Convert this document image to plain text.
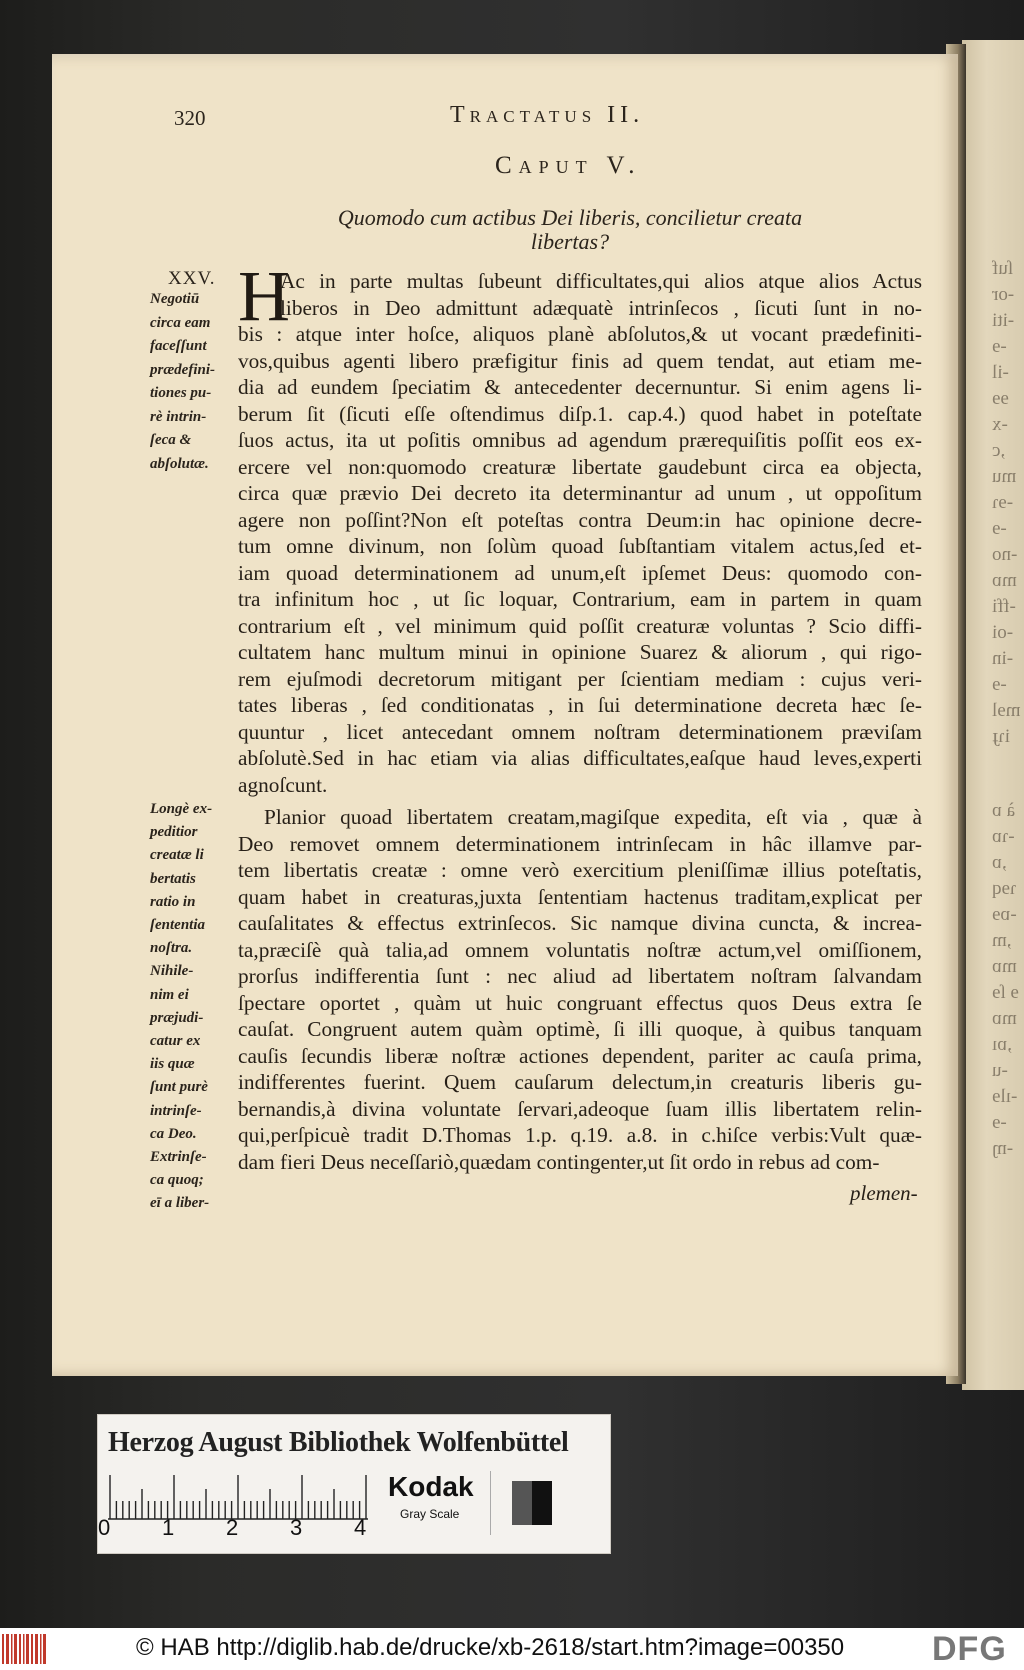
ſuf
-or
-iti
-ɘ
-il
ɘɘ
-x
,c
mu
-ɘɿ
-ɘ
-no
mɒ
-ffi
-oi
-in
-ɘ
mɘl
iɿɟ
à ɒ
-ɿɒ
,ɒ
ɿɘq
-ɒɘ
,m
mɒ
ɘ ſɘ
mɒ
,ɒı
-u
-ılɘ
-ɘ
-ɱ
320	Tractatus II.
Caput V.
Quomodo cum actibus Dei liberis, concilietur creata
libertas?
XXV. H
Negotiū
circa eam
faceſſunt
prædefini-
tiones pu-
rè intrin-
ſeca &
abſolutæ.
Longè ex-
peditior
creatæ li
bertatis
ratio in
ſententia
noſtra.
Nihile-
nim ei
præjudi-
catur ex
iis quæ
ſunt purè
intrinſe-
ca Deo.
Extrinſe-
ca quoq;
eī a liber-
Ac in parte multas ſubeunt difficultates,qui alios atque alios Actus
liberos in Deo admittunt adæquatè intrinſecos , ſicuti ſunt in no-
bis : atque inter hoſce, aliquos planè abſolutos,& ut vocant prædefiniti-
vos,quibus agenti libero præfigitur finis ad quem tendat, aut etiam me-
dia ad eundem ſpeciatim & antecedenter decernuntur. Si enim agens li-
berum ſit (ſicuti eſſe oſtendimus diſp.1. cap.4.) quod habet in poteſtate
ſuos actus, ita ut poſitis omnibus ad agendum prærequiſitis poſſit eos ex-
ercere vel non:quomodo creaturæ libertate gaudebunt circa ea objecta,
circa quæ prævio Dei decreto ita determinantur ad unum , ut oppoſitum
agere non poſſint?Non eſt poteſtas contra Deum:in hac opinione decre-
tum omne divinum, non ſolùm quoad ſubſtantiam vitalem actus,ſed et-
iam quoad determinationem ad unum,eſt ipſemet Deus: quomodo con-
tra infinitum hoc , ut ſic loquar, Contrarium, eam in partem in quam
contrarium eſt , vel minimum quid poſſit creaturæ voluntas ? Scio diffi-
cultatem hanc multum minui in opinione Suarez & aliorum , qui rigo-
rem ejuſmodi decretorum mitigant per ſcientiam mediam : cujus veri-
tates liberas , ſed conditionatas , in ſui determinatione decreta hæc ſe-
quuntur , licet antecedant omnem noſtram determinationem præviſam
abſolutè.Sed in hac etiam via alias difficultates,eaſque haud leves,experti
agnoſcunt.
Planior quoad libertatem creatam,magiſque expedita, eſt via , quæ à
Deo removet omnem determinationem intrinſecam in hâc illamve par-
tem libertatis creatæ : omne verò exercitium pleniſſimæ illius poteſtatis,
quam habet in creaturas,juxta ſententiam hactenus traditam,explicat per
cauſalitates & effectus extrinſecos. Sic namque divina cuncta, & increa-
ta,præciſè quà talia,ad omnem voluntatis noſtræ actum,vel omiſſionem,
prorſus indifferentia ſunt : nec aliud ad libertatem noſtram ſalvandam
ſpectare oportet , quàm ut huic congruant effectus quos Deus extra ſe
cauſat. Congruent autem quàm optimè, ſi illi quoque, à quibus tanquam
cauſis ſecundis liberæ noſtræ actiones dependent, pariter ac cauſa prima,
indifferentes fuerint. Quem cauſarum delectum,in creaturis liberis gu-
bernandis,à divina voluntate ſervari,adeoque ſuam illis libertatem relin-
qui,perſpicuè tradit D.Thomas 1.p. q.19. a.8. in c.hiſce verbis:Vult quæ-
dam fieri Deus neceſſariò,quædam contingenter,ut ſit ordo in rebus ad com-
plemen-
Herzog August Bibliothek Wolfenbüttel
0 1 2 3 4
Kodak
Gray Scale
© HAB http://diglib.hab.de/drucke/xb-2618/start.htm?image=00350	DFG
